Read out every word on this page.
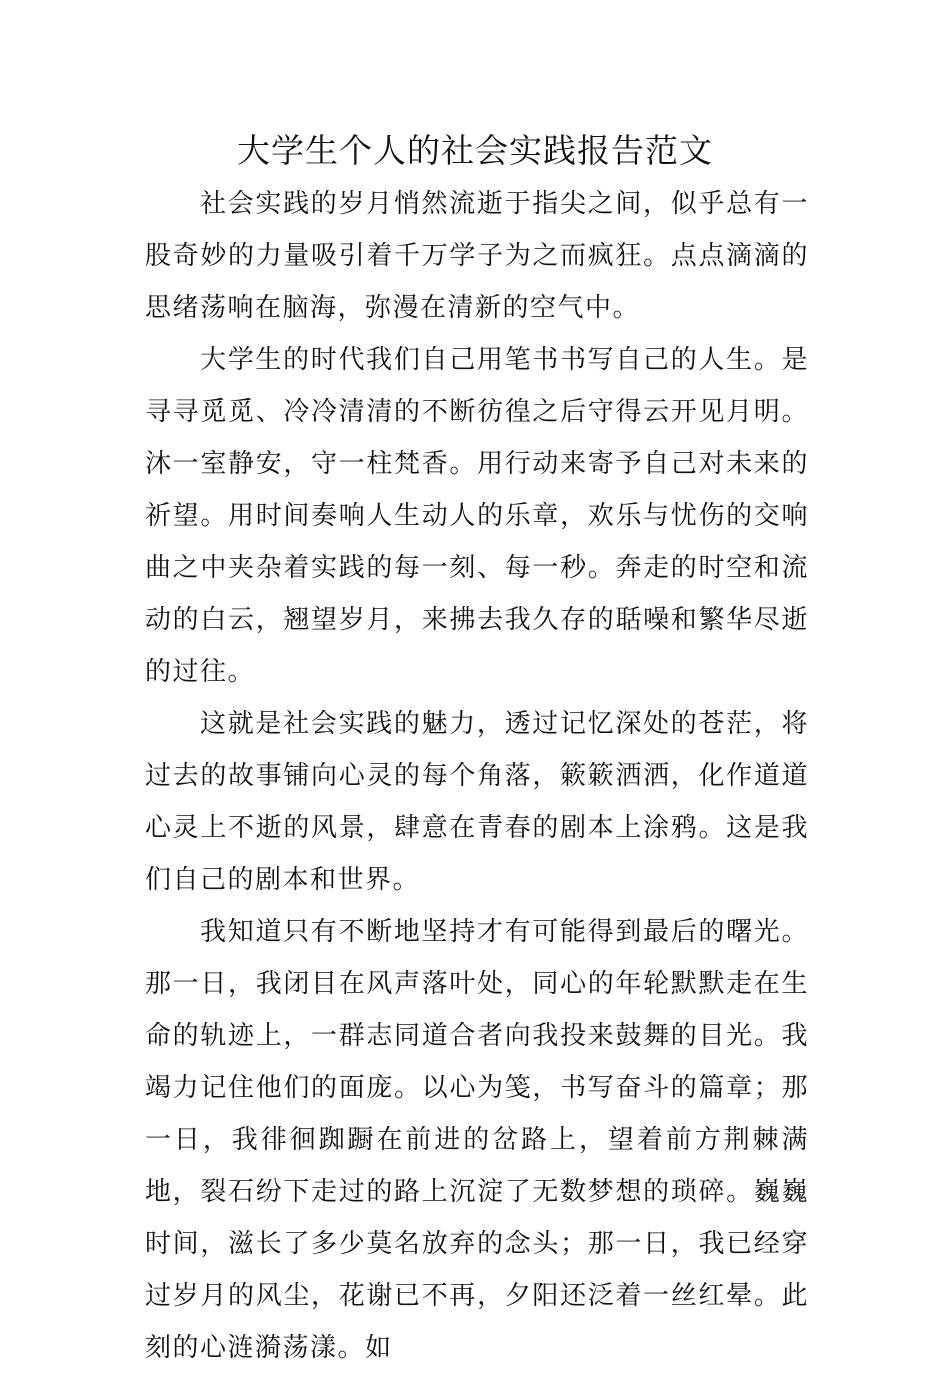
大学生个人的社会实践报告范文

社会实践的岁月悄然流逝于指尖之间，似乎总有一股奇妙的力量吸引着千万学子为之而疯狂。点点滴滴的思绪荡响在脑海，弥漫在清新的空气中。

大学生的时代我们自己用笔书书写自己的人生。是寻寻觅觅、冷冷清清的不断彷徨之后守得云开见月明。沐一室静安，守一柱梵香。用行动来寄予自己对未来的祈望。用时间奏响人生动人的乐章，欢乐与忧伤的交响曲之中夹杂着实践的每一刻、每一秒。奔走的时空和流动的白云，翘望岁月，来拂去我久存的聒噪和繁华尽逝的过往。

这就是社会实践的魅力，透过记忆深处的苍茫，将过去的故事铺向心灵的每个角落，簌簌洒洒，化作道道心灵上不逝的风景，肆意在青春的剧本上涂鸦。这是我们自己的剧本和世界。

我知道只有不断地坚持才有可能得到最后的曙光。那一日，我闭目在风声落叶处，同心的年轮默默走在生命的轨迹上，一群志同道合者向我投来鼓舞的目光。我竭力记住他们的面庞。以心为笺，书写奋斗的篇章；那一日，我徘徊踟蹰在前进的岔路上，望着前方荆棘满地，裂石纷下走过的路上沉淀了无数梦想的琐碎。巍巍时间，滋长了多少莫名放弃的念头；那一日，我已经穿过岁月的风尘，花谢已不再，夕阳还泛着一丝红晕。此刻的心涟漪荡漾。如
